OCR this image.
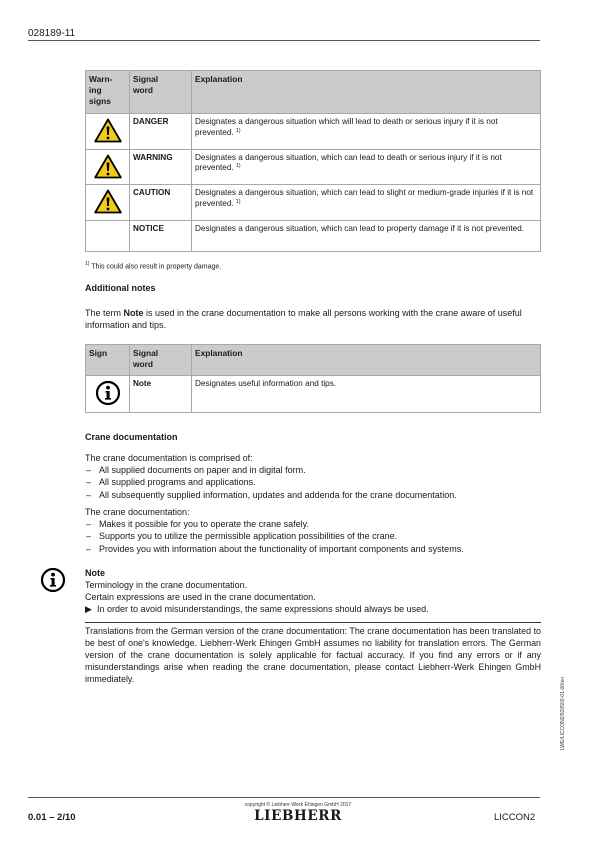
028189-11
Warn-
ing
signs	Signal
word	Explanation
	DANGER	Designates a dangerous situation which will lead to death or serious injury if it is not prevented. $^{1)}$
	WARNING	Designates a dangerous situation, which can lead to death or serious injury if it is not prevented. $^{1)}$
	CAUTION	Designates a dangerous situation, which can lead to slight or medium-grade injuries if it is not prevented. $^{1)}$
	NOTICE	Designates a dangerous situation, which can lead to property damage if it is not prevented.
$^{1)}$ This could also result in property damage.
Additional notes
The term Note is used in the crane documentation to make all persons working with the crane aware of useful information and tips.
Sign	Signal
word	Explanation
	Note	Designates useful information and tips.
Crane documentation
The crane documentation is comprised of:
– All supplied documents on paper and in digital form.
– All supplied programs and applications.
– All subsequently supplied information, updates and addenda for the crane documentation.
The crane documentation:
– Makes it possible for you to operate the crane safely.
– Supports you to utilize the permissible application possibilities of the crane.
– Provides you with information about the functionality of important components and systems.
Note
Terminology in the crane documentation.
Certain expressions are used in the crane documentation.
▶ In order to avoid misunderstandings, the same expressions should always be used.
Translations from the German version of the crane documentation: The crane documentation has been translated to be best of one's knowledge. Liebherr-Werk Ehingen GmbH assumes no liability for translation errors. The German version of the crane documentation is solely applicable for factual accuracy. If you find any errors or if any misunderstandings arise when reading the crane documentation, please contact Liebherr-Werk Ehingen GmbH immediately.	LWE/LICCON2/920502-01-00/en
0.01 – 2/10
copyright © Liebherr-Werk Ehingen GmbH 2017
LIEBHERR	LICCON2
